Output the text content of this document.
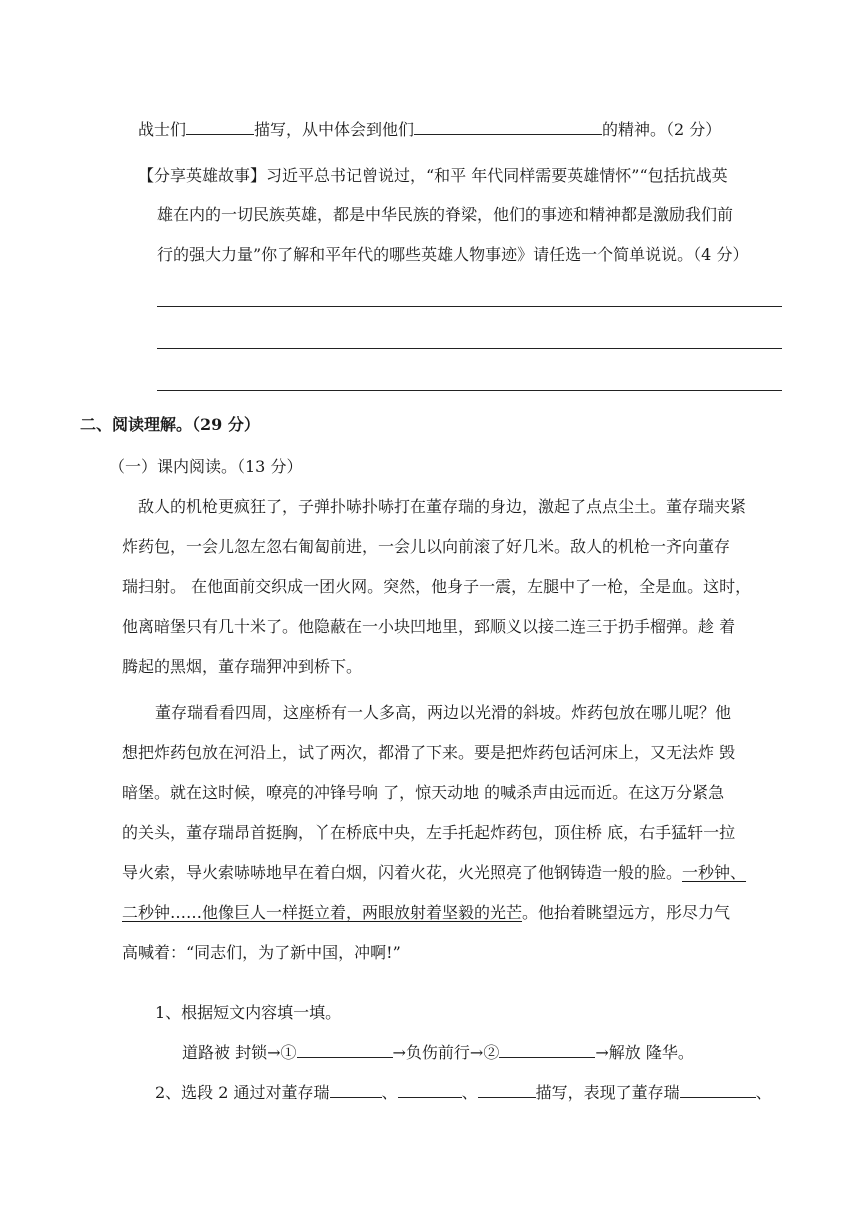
战士们	描写，从中体会到他们	的精神。（2 分）
【分享英雄故事】习近平总书记曾说过，“和平 年代同样需要英雄情怀”“包括抗战英
雄在内的一切民族英雄，都是中华民族的脊梁，他们的事迹和精神都是激励我们前
行的强大力量”你了解和平年代的哪些英雄人物事迹》请任选一个简单说说。（4 分）
二、阅读理解。（29 分）
（一）课内阅读。（13 分）
敌人的机枪更疯狂了，子弹扑哧扑哧打在董存瑞的身边，激起了点点尘土。董存瑞夹紧
炸药包，一会儿忽左忽右匍匐前进，一会儿以向前滚了好几米。敌人的机枪一齐向董存
瑞扫射。 在他面前交织成一团火网。突然，他身子一震，左腿中了一枪，全是血。这时，
他离暗堡只有几十米了。他隐蔽在一小块凹地里，郅顺义以接二连三于扔手榴弹。趁 着
腾起的黑烟，董存瑞狎冲到桥下。
董存瑞看看四周，这座桥有一人多高，两边以光滑的斜坡。炸药包放在哪儿呢？他
想把炸药包放在河沿上，试了两次，都滑了下来。要是把炸药包话河床上，又无法炸 毁
暗堡。就在这时候，嘹亮的冲锋号响 了，惊天动地 的喊杀声由远而近。在这万分紧急
的关头，董存瑞昂首挺胸，丫在桥底中央，左手托起炸药包，顶住桥 底，右手猛轩一拉
导火索，导火索哧哧地早在着白烟，闪着火花，火光照亮了他钢铸造一般的脸。一秒钟、
二秒钟……他像巨人一样挺立着，两眼放射着坚毅的光芒。他抬着眺望远方，彤尽力气
高喊着：“同志们，为了新中国，冲啊!”
1、根据短文内容填一填。
道路被 封锁→①	→负伤前行→②	→解放 隆华。
2、选段 2 通过对董存瑞	、	、	描写，表现了董存瑞	、
